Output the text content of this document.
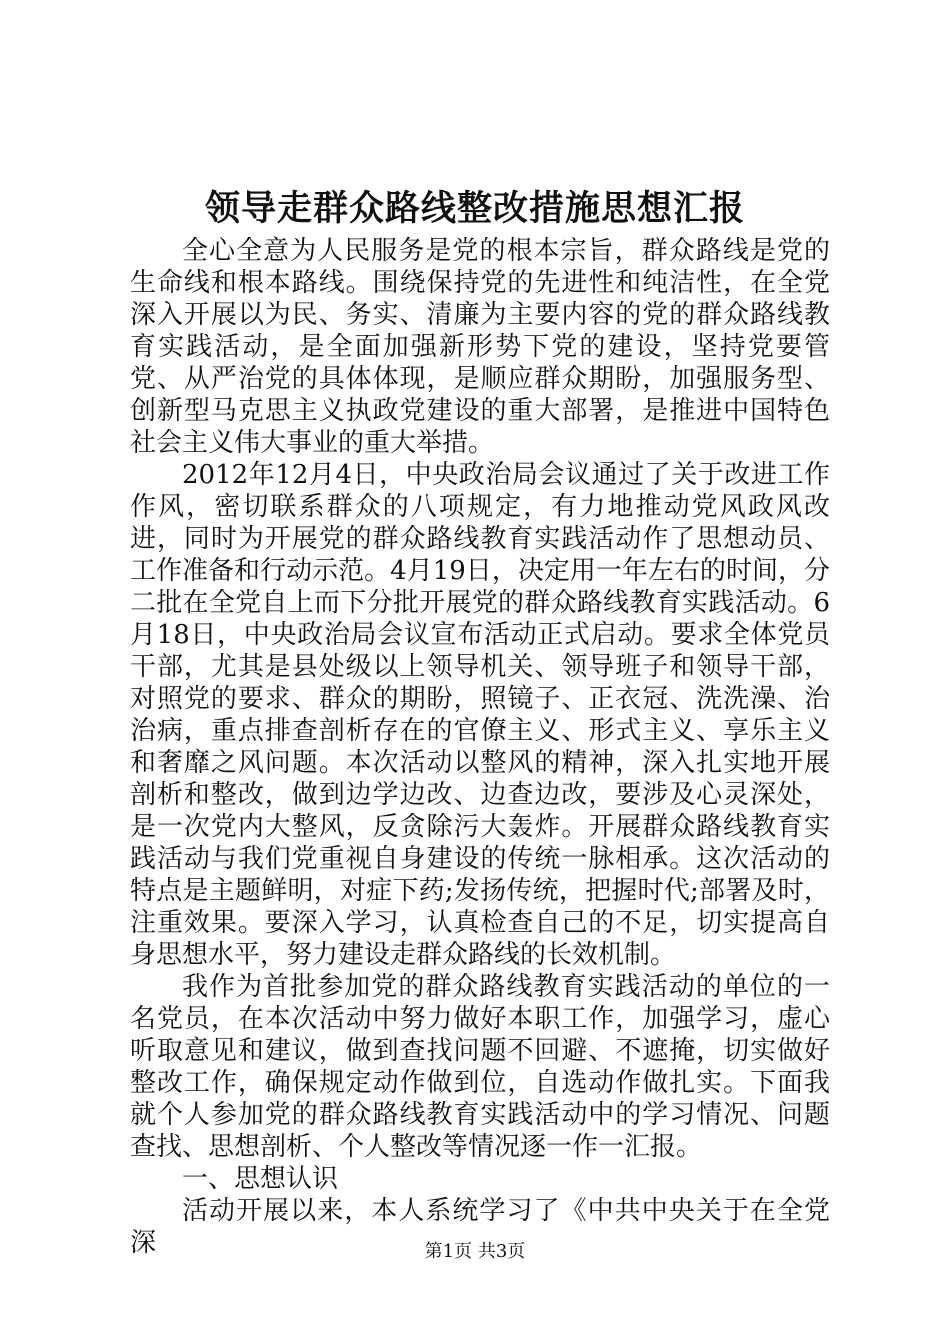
领导走群众路线整改措施思想汇报

全心全意为人民服务是党的根本宗旨，群众路线是党的生命线和根本路线。围绕保持党的先进性和纯洁性，在全党深入开展以为民、务实、清廉为主要内容的党的群众路线教育实践活动，是全面加强新形势下党的建设，坚持党要管党、从严治党的具体体现，是顺应群众期盼，加强服务型、创新型马克思主义执政党建设的重大部署，是推进中国特色社会主义伟大事业的重大举措。

2012年12月4日，中央政治局会议通过了关于改进工作作风，密切联系群众的八项规定，有力地推动党风政风改进，同时为开展党的群众路线教育实践活动作了思想动员、工作准备和行动示范。4月19日，决定用一年左右的时间，分二批在全党自上而下分批开展党的群众路线教育实践活动。6月18日，中央政治局会议宣布活动正式启动。要求全体党员干部，尤其是县处级以上领导机关、领导班子和领导干部，对照党的要求、群众的期盼，照镜子、正衣冠、洗洗澡、治治病，重点排查剖析存在的官僚主义、形式主义、享乐主义和奢靡之风问题。本次活动以整风的精神，深入扎实地开展剖析和整改，做到边学边改、边查边改，要涉及心灵深处，是一次党内大整风，反贪除污大轰炸。开展群众路线教育实践活动与我们党重视自身建设的传统一脉相承。这次活动的特点是主题鲜明，对症下药;发扬传统，把握时代;部署及时，注重效果。要深入学习，认真检查自己的不足，切实提高自身思想水平，努力建设走群众路线的长效机制。

我作为首批参加党的群众路线教育实践活动的单位的一名党员，在本次活动中努力做好本职工作，加强学习，虚心听取意见和建议，做到查找问题不回避、不遮掩，切实做好整改工作，确保规定动作做到位，自选动作做扎实。下面我就个人参加党的群众路线教育实践活动中的学习情况、问题查找、思想剖析、个人整改等情况逐一作一汇报。

一、思想认识

活动开展以来，本人系统学习了《中共中央关于在全党深	第1页 共3页
